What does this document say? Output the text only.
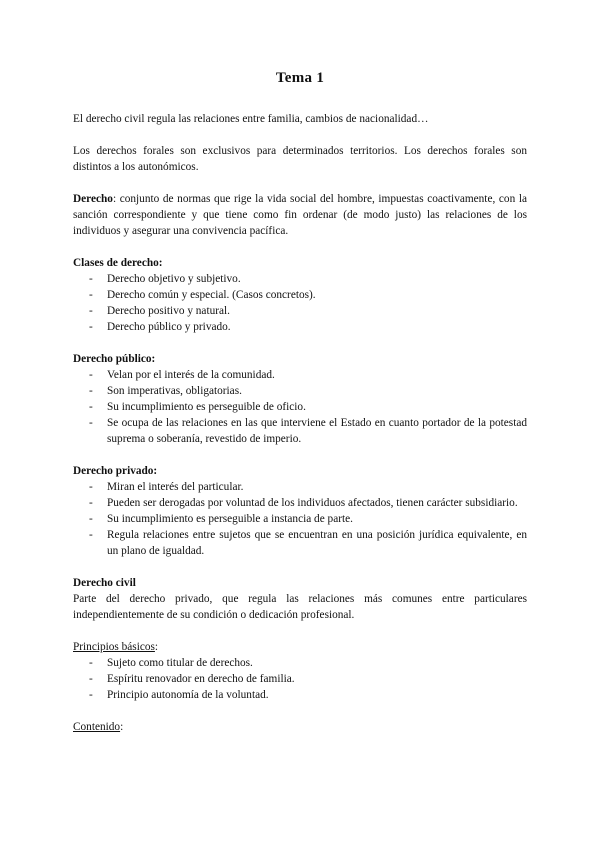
Tema 1

El derecho civil regula las relaciones entre familia, cambios de nacionalidad…

Los derechos forales son exclusivos para determinados territorios. Los derechos forales son distintos a los autonómicos.

Derecho: conjunto de normas que rige la vida social del hombre, impuestas coactivamente, con la sanción correspondiente y que tiene como fin ordenar (de modo justo) las relaciones de los individuos y asegurar una convivencia pacífica.

Clases de derecho:

- Derecho objetivo y subjetivo.
- Derecho común y especial. (Casos concretos).
- Derecho positivo y natural.
- Derecho público y privado.

Derecho público:

- Velan por el interés de la comunidad.
- Son imperativas, obligatorias.
- Su incumplimiento es perseguible de oficio.
- Se ocupa de las relaciones en las que interviene el Estado en cuanto portador de la potestad suprema o soberanía, revestido de imperio.

Derecho privado:

- Miran el interés del particular.
- Pueden ser derogadas por voluntad de los individuos afectados, tienen carácter subsidiario.
- Su incumplimiento es perseguible a instancia de parte.
- Regula relaciones entre sujetos que se encuentran en una posición jurídica equivalente, en un plano de igualdad.

Derecho civil

Parte del derecho privado, que regula las relaciones más comunes entre particulares independientemente de su condición o dedicación profesional.

Principios básicos:

- Sujeto como titular de derechos.
- Espíritu renovador en derecho de familia.
- Principio autonomía de la voluntad.

Contenido:
